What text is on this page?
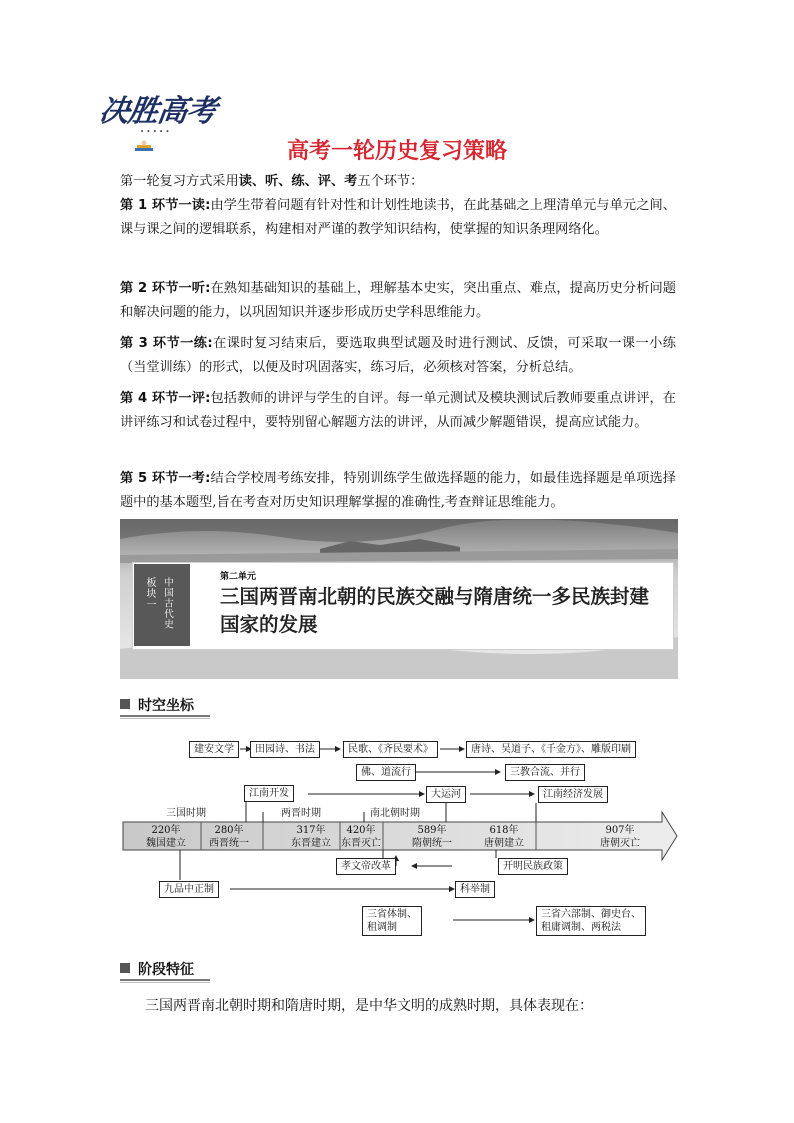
决胜高考
• • • • •
高考一轮历史复习策略
第一轮复习方式采用读、听、练、评、考五个环节：
第 1 环节一读:由学生带着问题有针对性和计划性地读书，在此基础之上理清单元与单元之间、课与课之间的逻辑联系，构建相对严谨的教学知识结构，使掌握的知识条理网络化。
第 2 环节一听:在熟知基础知识的基础上，理解基本史实，突出重点、难点，提高历史分析问题和解决问题的能力，以巩固知识并逐步形成历史学科思维能力。
第 3 环节一练:在课时复习结束后，要选取典型试题及时进行测试、反馈，可采取一课一小练（当堂训练）的形式，以便及时巩固落实，练习后，必须核对答案，分析总结。
第 4 环节一评:包括教师的讲评与学生的自评。每一单元测试及模块测试后教师要重点讲评，在讲评练习和试卷过程中，要特别留心解题方法的讲评，从而减少解题错误，提高应试能力。
第 5 环节一考:结合学校周考练安排，特别训练学生做选择题的能力，如最佳选择题是单项选择题中的基本题型,旨在考查对历史知识理解掌握的准确性,考查辩证思维能力。
板块一 中国古代史	第二单元
三国两晋南北朝的民族交融与隋唐统一多民族封建国家的发展
时空坐标
建安文学	田园诗、书法	民歌、《齐民要术》	唐诗、吴道子、《千金方》、雕版印刷
佛、道流行	三教合流、并行
江南开发	大运河	江南经济发展
三国时期	两晋时期	南北朝时期
220年
魏国建立
280年
西晋统一
317年
东晋建立
420年
东晋灭亡
589年
隋朝统一
618年
唐朝建立
907年
唐朝灭亡
孝文帝改革	开明民族政策
九品中正制	科举制
三省体制、
租调制
三省六部制、御史台、
租庸调制、两税法
阶段特征
三国两晋南北朝时期和隋唐时期，是中华文明的成熟时期，具体表现在：
